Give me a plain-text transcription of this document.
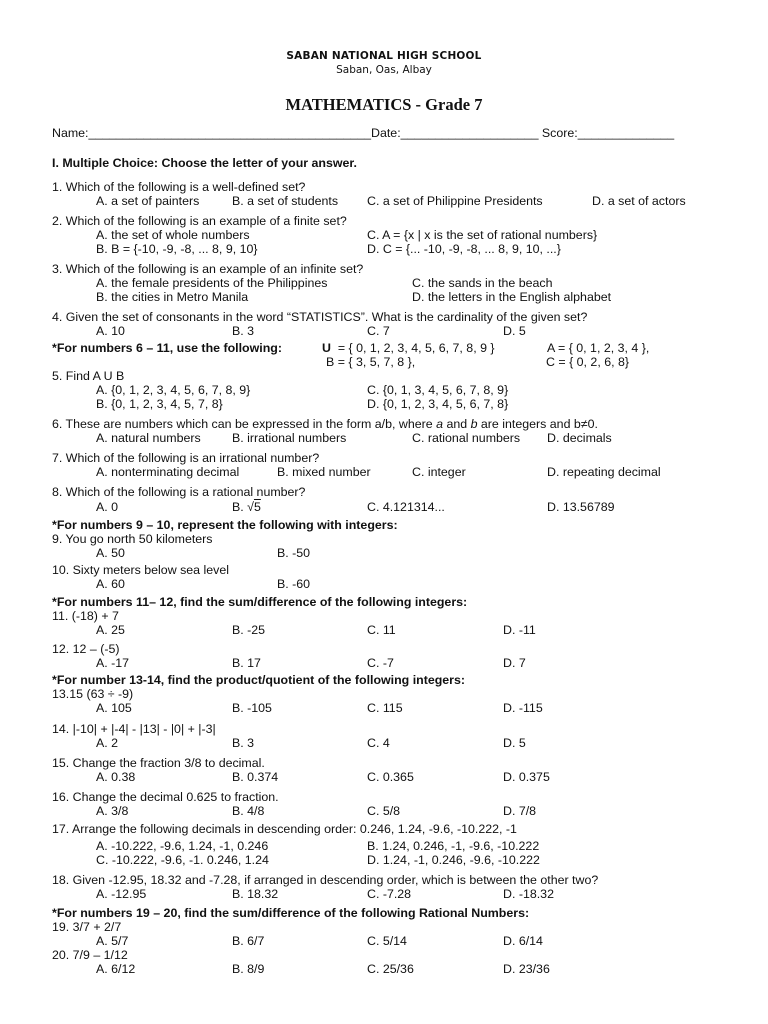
SABAN NATIONAL HIGH SCHOOL
Saban, Oas, Albay
MATHEMATICS - Grade 7
Name:_________________________________________Date:____________________ Score:______________
I. Multiple Choice: Choose the letter of your answer.
1. Which of the following is a well-defined set?
A. a set of painters	B. a set of students C. a set of Philippine Presidents	D. a set of actors
2. Which of the following is an example of a finite set?
A. the set of whole numbers	C. A = {x | x is the set of rational numbers}
B. B = {-10, -9, -8, ... 8, 9, 10}	D. C = {... -10, -9, -8, ... 8, 9, 10, ...}
3. Which of the following is an example of an infinite set?
A. the female presidents of the Philippines	C. the sands in the beach
B. the cities in Metro Manila	D. the letters in the English alphabet
4. Given the set of consonants in the word “STATISTICS”. What is the cardinality of the given set?
A. 10	B. 3	C. 7	D. 5
*For numbers 6 – 11, use the following:	U = { 0, 1, 2, 3, 4, 5, 6, 7, 8, 9 }	A = { 0, 1, 2, 3, 4 },
B = { 3, 5, 7, 8 },	C = { 0, 2, 6, 8}
5. Find A U B
A. {0, 1, 2, 3, 4, 5, 6, 7, 8, 9}	C. {0, 1, 3, 4, 5, 6, 7, 8, 9}
B. {0, 1, 2, 3, 4, 5, 7, 8}	D. {0, 1, 2, 3, 4, 5, 6, 7, 8}
6. These are numbers which can be expressed in the form a/b, where a and b are integers and b≠0.
A. natural numbers	B. irrational numbers	C. rational numbers D. decimals
7. Which of the following is an irrational number?
A. nonterminating decimal	B. mixed number	C. integer	D. repeating decimal
8. Which of the following is a rational number?
A. 0	B. √5	C. 4.121314...	D. 13.56789
*For numbers 9 – 10, represent the following with integers:
9. You go north 50 kilometers
A. 50	B. -50
10. Sixty meters below sea level
A. 60	B. -60
*For numbers 11– 12, find the sum/difference of the following integers:
11. (-18) + 7
A. 25	B. -25	C. 11	D. -11
12. 12 – (-5)
A. -17	B. 17	C. -7	D. 7
*For number 13-14, find the product/quotient of the following integers:
13.15 (63 ÷ -9)
A. 105	B. -105	C. 115	D. -115
14. |-10| + |-4| - |13| - |0| + |-3|
A. 2	B. 3	C. 4	D. 5
15. Change the fraction 3/8 to decimal.
A. 0.38	B. 0.374	C. 0.365	D. 0.375
16. Change the decimal 0.625 to fraction.
A. 3/8	B. 4/8	C. 5/8	D. 7/8
17. Arrange the following decimals in descending order: 0.246, 1.24, -9.6, -10.222, -1
A. -10.222, -9.6, 1.24, -1, 0.246	B. 1.24, 0.246, -1, -9.6, -10.222
C. -10.222, -9.6, -1. 0.246, 1.24	D. 1.24, -1, 0.246, -9.6, -10.222
18. Given -12.95, 18.32 and -7.28, if arranged in descending order, which is between the other two?
A. -12.95	B. 18.32	C. -7.28	D. -18.32
*For numbers 19 – 20, find the sum/difference of the following Rational Numbers:
19. 3/7 + 2/7
A. 5/7	B. 6/7	C. 5/14	D. 6/14
20. 7/9 – 1/12
A. 6/12	B. 8/9	C. 25/36	D. 23/36
